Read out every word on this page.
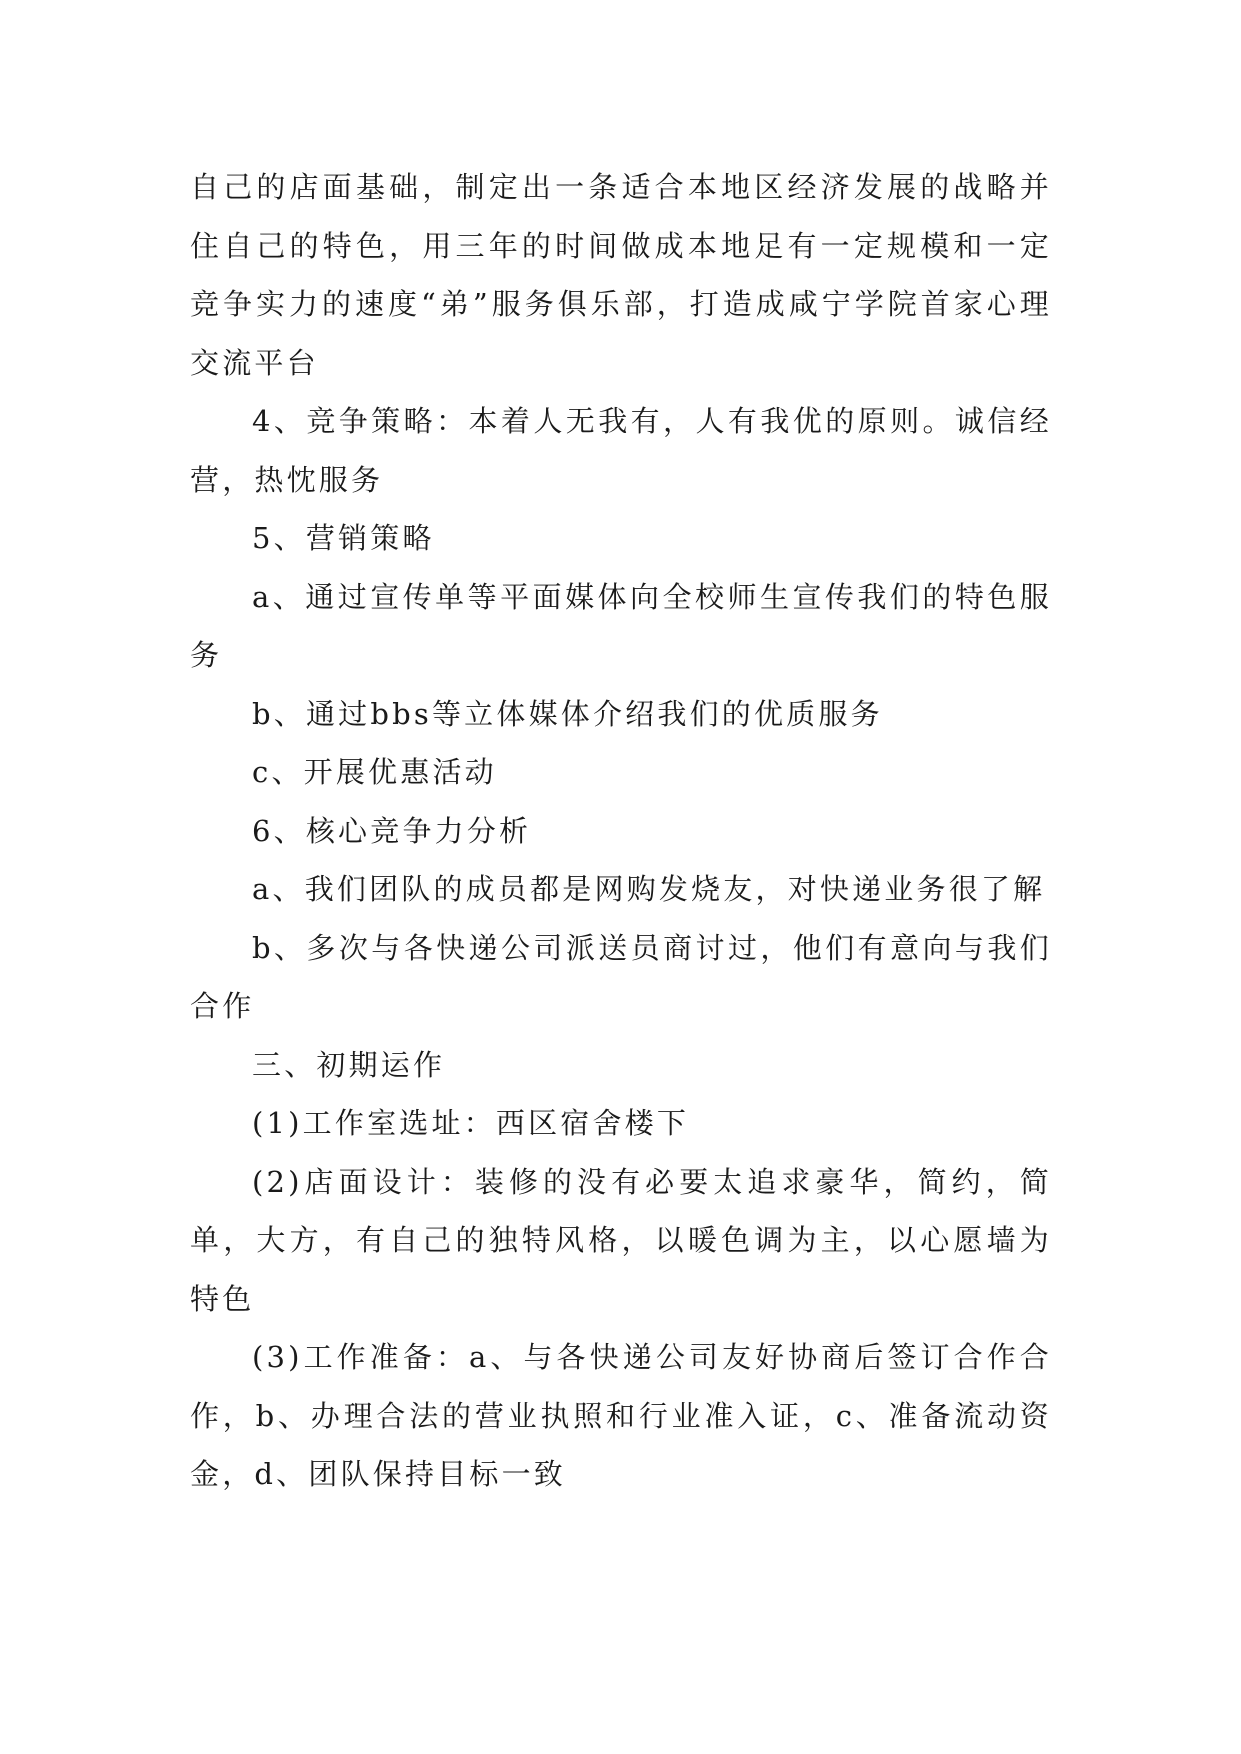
自己的店面基础，制定出一条适合本地区经济发展的战略并住自己的特色，用三年的时间做成本地足有一定规模和一定竞争实力的速度“弟”服务俱乐部，打造成咸宁学院首家心理交流平台

4、竞争策略：本着人无我有，人有我优的原则。诚信经营，热忱服务

5、营销策略

a、通过宣传单等平面媒体向全校师生宣传我们的特色服务

b、通过bbs等立体媒体介绍我们的优质服务

c、开展优惠活动

6、核心竞争力分析

a、我们团队的成员都是网购发烧友，对快递业务很了解

b、多次与各快递公司派送员商讨过，他们有意向与我们合作

三、初期运作

(1)工作室选址：西区宿舍楼下

(2)店面设计：装修的没有必要太追求豪华，简约，简单，大方，有自己的独特风格，以暖色调为主，以心愿墙为特色

(3)工作准备：a、与各快递公司友好协商后签订合作合作，b、办理合法的营业执照和行业准入证，c、准备流动资金，d、团队保持目标一致
